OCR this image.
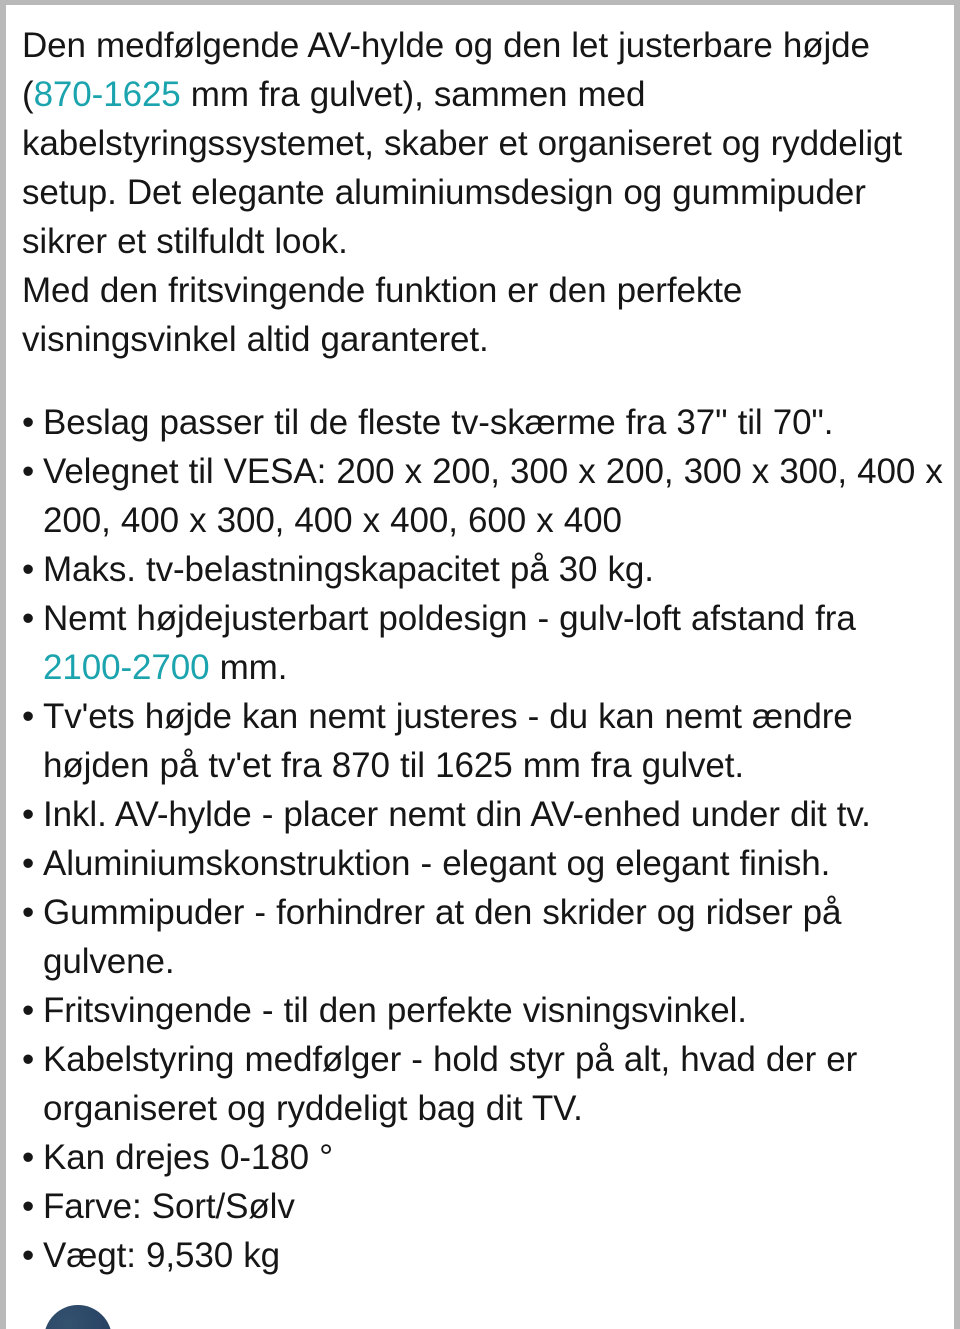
Den medfølgende AV-hylde og den let justerbare højde (870-1625 mm fra gulvet), sammen med kabelstyringssystemet, skaber et organiseret og ryddeligt setup. Det elegante aluminiumsdesign og gummipuder sikrer et stilfuldt look.

Med den fritsvingende funktion er den perfekte visningsvinkel altid garanteret.

• Beslag passer til de fleste tv-skærme fra 37" til 70".
• Velegnet til VESA: 200 x 200, 300 x 200, 300 x 300, 400 x 200, 400 x 300, 400 x 400, 600 x 400
• Maks. tv-belastningskapacitet på 30 kg.
• Nemt højdejusterbart poldesign - gulv-loft afstand fra 2100-2700 mm.
• Tv'ets højde kan nemt justeres - du kan nemt ændre højden på tv'et fra 870 til 1625 mm fra gulvet.
• Inkl. AV-hylde - placer nemt din AV-enhed under dit tv.
• Aluminiumskonstruktion - elegant og elegant finish.
• Gummipuder - forhindrer at den skrider og ridser på gulvene.
• Fritsvingende - til den perfekte visningsvinkel.
• Kabelstyring medfølger - hold styr på alt, hvad der er organiseret og ryddeligt bag dit TV.
• Kan drejes 0-180 °
• Farve: Sort/Sølv
• Vægt: 9,530 kg
